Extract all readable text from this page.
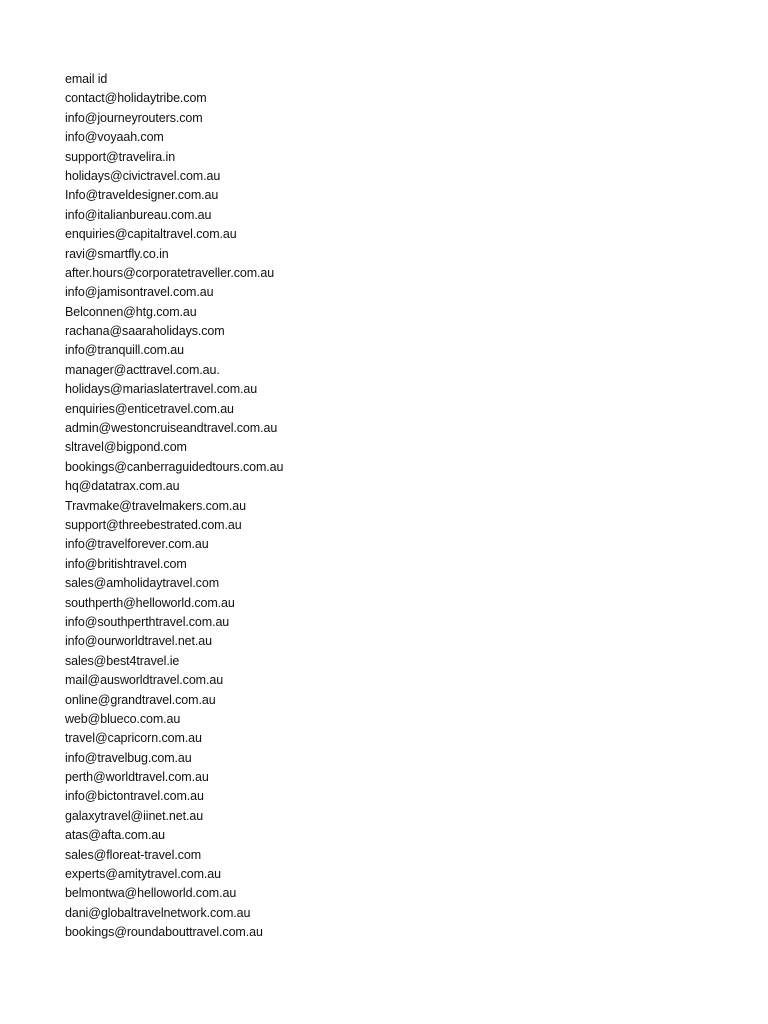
email id
contact@holidaytribe.com
info@journeyrouters.com
info@voyaah.com
support@travelira.in
holidays@civictravel.com.au
Info@traveldesigner.com.au
info@italianbureau.com.au
enquiries@capitaltravel.com.au
ravi@smartfly.co.in
after.hours@corporatetraveller.com.au
info@jamisontravel.com.au
Belconnen@htg.com.au
rachana@saaraholidays.com
info@tranquill.com.au
manager@acttravel.com.au.
holidays@mariaslatertravel.com.au
enquiries@enticetravel.com.au
admin@westoncruiseandtravel.com.au
sltravel@bigpond.com
bookings@canberraguidedtours.com.au
hq@datatrax.com.au
Travmake@travelmakers.com.au
support@threebestrated.com.au
info@travelforever.com.au
info@britishtravel.com
sales@amholidaytravel.com
southperth@helloworld.com.au
info@southperthtravel.com.au
info@ourworldtravel.net.au
sales@best4travel.ie
mail@ausworldtravel.com.au
online@grandtravel.com.au
web@blueco.com.au
travel@capricorn.com.au
info@travelbug.com.au
perth@worldtravel.com.au
info@bictontravel.com.au
galaxytravel@iinet.net.au
atas@afta.com.au
sales@floreat-travel.com
experts@amitytravel.com.au
belmontwa@helloworld.com.au
dani@globaltravelnetwork.com.au
bookings@roundabouttravel.com.au
